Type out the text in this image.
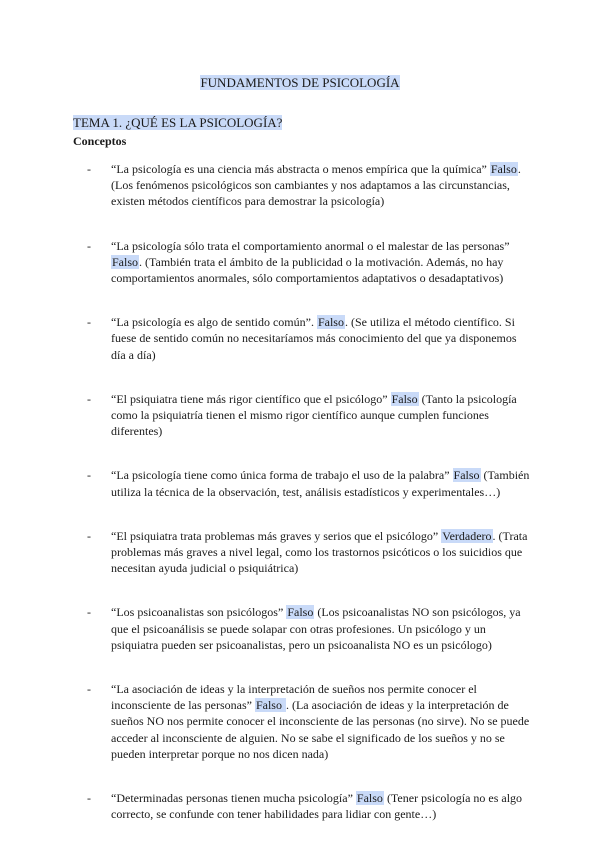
FUNDAMENTOS DE PSICOLOGÍA
TEMA 1. ¿QUÉ ES LA PSICOLOGÍA?
Conceptos
- “La psicología es una ciencia más abstracta o menos empírica que la química” Falso. (Los fenómenos psicológicos son cambiantes y nos adaptamos a las circunstancias, existen métodos científicos para demostrar la psicología)
- “La psicología sólo trata el comportamiento anormal o el malestar de las personas” Falso. (También trata el ámbito de la publicidad o la motivación. Además, no hay comportamientos anormales, sólo comportamientos adaptativos o desadaptativos)
- “La psicología es algo de sentido común”. Falso. (Se utiliza el método científico. Si fuese de sentido común no necesitaríamos más conocimiento del que ya disponemos día a día)
- “El psiquiatra tiene más rigor científico que el psicólogo” Falso (Tanto la psicología como la psiquiatría tienen el mismo rigor científico aunque cumplen funciones diferentes)
- “La psicología tiene como única forma de trabajo el uso de la palabra” Falso (También utiliza la técnica de la observación, test, análisis estadísticos y experimentales…)
- “El psiquiatra trata problemas más graves y serios que el psicólogo” Verdadero. (Trata problemas más graves a nivel legal, como los trastornos psicóticos o los suicidios que necesitan ayuda judicial o psiquiátrica)
- “Los psicoanalistas son psicólogos” Falso (Los psicoanalistas NO son psicólogos, ya que el psicoanálisis se puede solapar con otras profesiones. Un psicólogo y un psiquiatra pueden ser psicoanalistas, pero un psicoanalista NO es un psicólogo)
- “La asociación de ideas y la interpretación de sueños nos permite conocer el inconsciente de las personas” Falso . (La asociación de ideas y la interpretación de sueños NO nos permite conocer el inconsciente de las personas (no sirve). No se puede acceder al inconsciente de alguien. No se sabe el significado de los sueños y no se pueden interpretar porque no nos dicen nada)
- “Determinadas personas tienen mucha psicología” Falso (Tener psicología no es algo correcto, se confunde con tener habilidades para lidiar con gente…)
